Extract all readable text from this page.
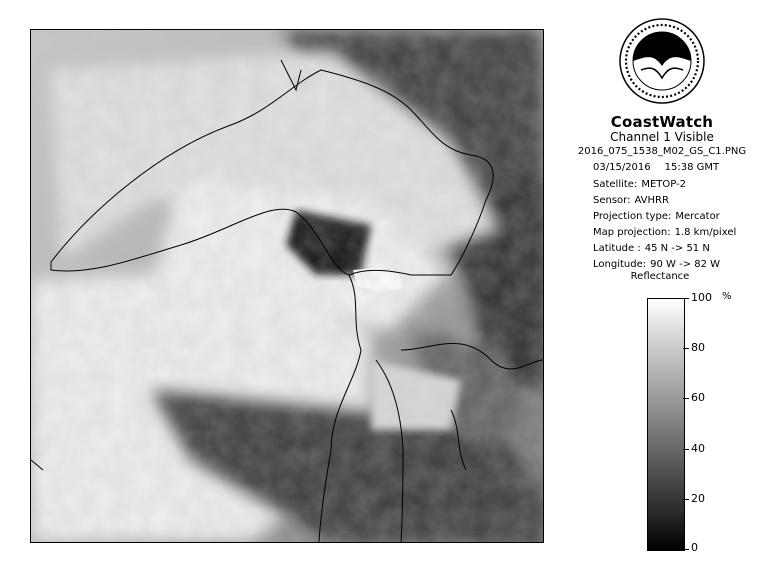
CoastWatch
Channel 1 Visible
2016_075_1538_M02_GS_C1.PNG
03/15/2016 15:38 GMT
Satellite: METOP-2
Sensor: AVHRR
Projection type: Mercator
Map projection: 1.8 km/pixel
Latitude : 45 N -> 51 N
Longitude: 90 W -> 82 W
Reflectance
%
100
80
60
40
20
0
